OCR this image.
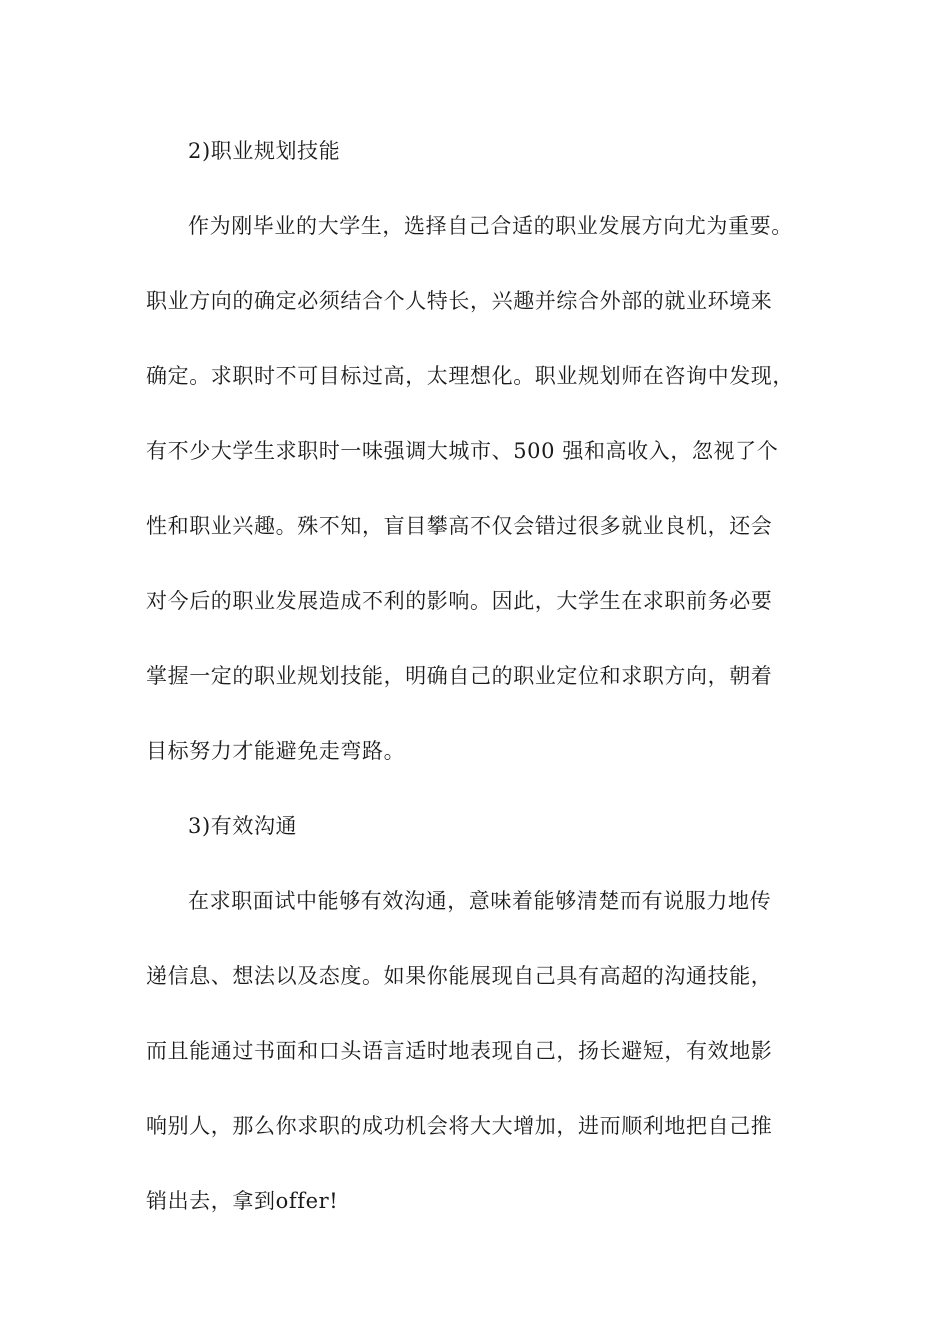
2)职业规划技能
作为刚毕业的大学生，选择自己合适的职业发展方向尤为重要。
职业方向的确定必须结合个人特长，兴趣并综合外部的就业环境来
确定。求职时不可目标过高，太理想化。职业规划师在咨询中发现，
有不少大学生求职时一味强调大城市、500 强和高收入，忽视了个
性和职业兴趣。殊不知，盲目攀高不仅会错过很多就业良机，还会
对今后的职业发展造成不利的影响。因此，大学生在求职前务必要
掌握一定的职业规划技能，明确自己的职业定位和求职方向，朝着
目标努力才能避免走弯路。
3)有效沟通
在求职面试中能够有效沟通，意味着能够清楚而有说服力地传
递信息、想法以及态度。如果你能展现自己具有高超的沟通技能，
而且能通过书面和口头语言适时地表现自己，扬长避短，有效地影
响别人，那么你求职的成功机会将大大增加，进而顺利地把自己推
销出去，拿到offer!
